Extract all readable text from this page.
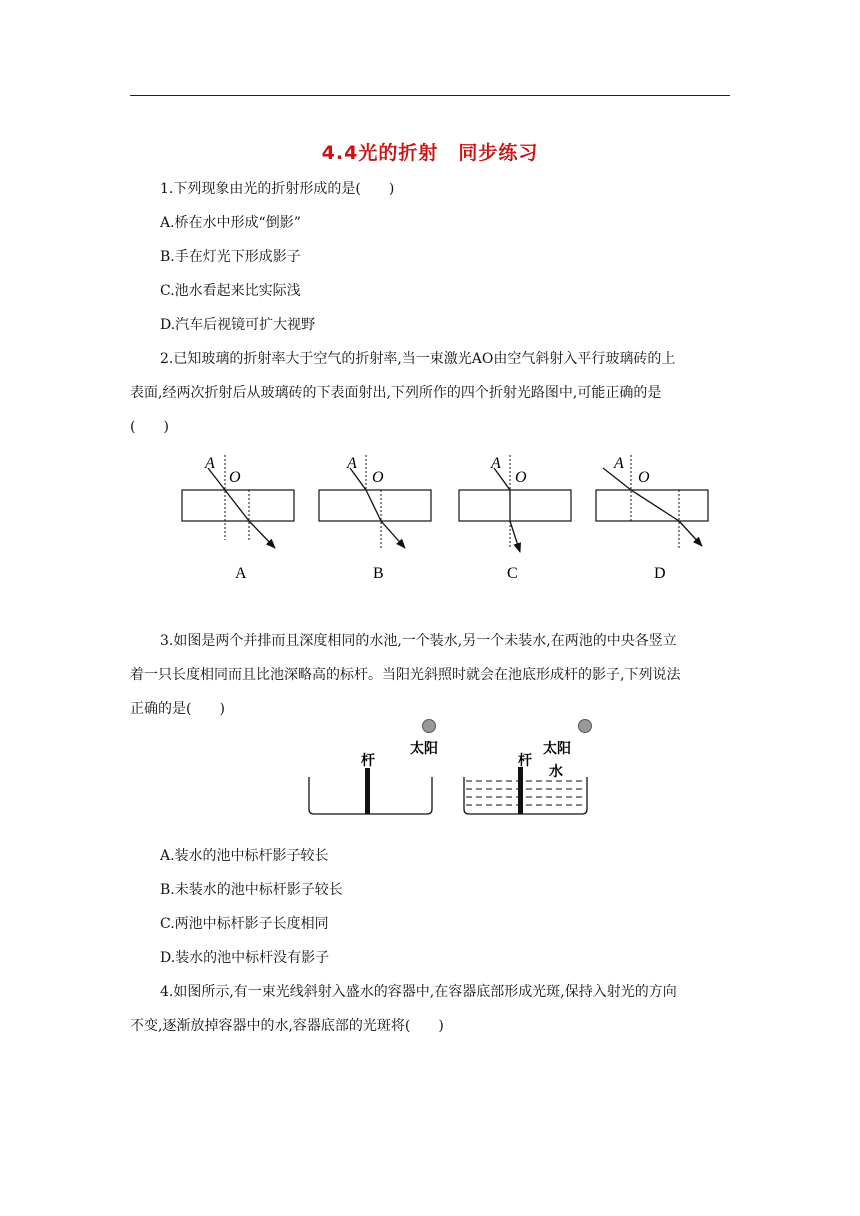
4.4光的折射　同步练习
1.下列现象由光的折射形成的是(　　)
A.桥在水中形成“倒影”
B.手在灯光下形成影子
C.池水看起来比实际浅
D.汽车后视镜可扩大视野
2.已知玻璃的折射率大于空气的折射率,当一束激光AO由空气斜射入平行玻璃砖的上
表面,经两次折射后从玻璃砖的下表面射出,下列所作的四个折射光路图中,可能正确的是
(　　)
A
O
A
A
O
B
A
O
C
A
O
D
3.如图是两个并排而且深度相同的水池,一个装水,另一个未装水,在两池的中央各竖立
着一只长度相同而且比池深略高的标杆。当阳光斜照时就会在池底形成杆的影子,下列说法
正确的是(　　)
杆
太阳
杆
太阳
水
A.装水的池中标杆影子较长
B.未装水的池中标杆影子较长
C.两池中标杆影子长度相同
D.装水的池中标杆没有影子
4.如图所示,有一束光线斜射入盛水的容器中,在容器底部形成光斑,保持入射光的方向
不变,逐渐放掉容器中的水,容器底部的光斑将(　　)
